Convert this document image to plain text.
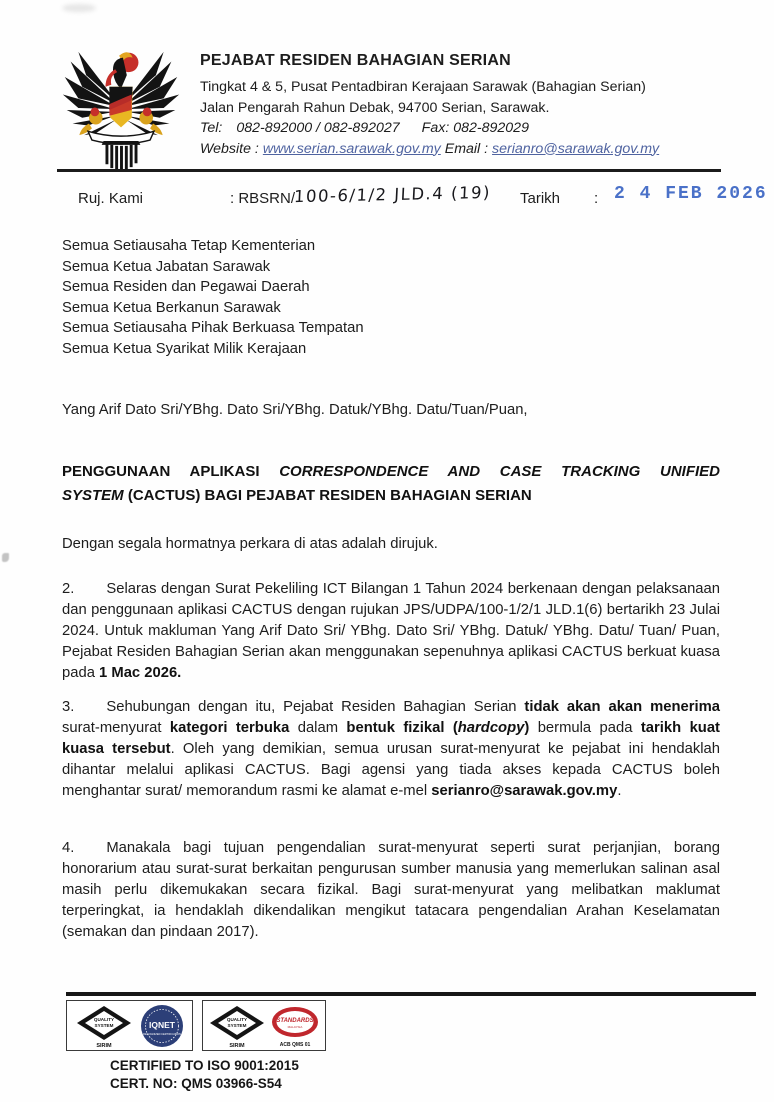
PEJABAT RESIDEN BAHAGIAN SERIAN
Tingkat 4 & 5, Pusat Pentadbiran Kerajaan Sarawak (Bahagian Serian)
Jalan Pengarah Rahun Debak, 94700 Serian, Sarawak.
Tel: 082-892000 / 082-892027 Fax: 082-892029
Website : www.serian.sarawak.gov.my Email : serianro@sarawak.gov.my
Ruj. Kami	: RBSRN/
100-6/1/2 JLD.4 (19) Tarikh : 2 4 FEB 2026
Semua Setiausaha Tetap Kementerian
Semua Ketua Jabatan Sarawak
Semua Residen dan Pegawai Daerah
Semua Ketua Berkanun Sarawak
Semua Setiausaha Pihak Berkuasa Tempatan
Semua Ketua Syarikat Milik Kerajaan
Yang Arif Dato Sri/YBhg. Dato Sri/YBhg. Datuk/YBhg. Datu/Tuan/Puan,
PENGGUNAAN APLIKASI CORRESPONDENCE AND CASE TRACKING UNIFIED
SYSTEM (CACTUS) BAGI PEJABAT RESIDEN BAHAGIAN SERIAN
Dengan segala hormatnya perkara di atas adalah dirujuk.
2. Selaras dengan Surat Pekeliling ICT Bilangan 1 Tahun 2024 berkenaan dengan pelaksanaan dan penggunaan aplikasi CACTUS dengan rujukan JPS/UDPA/100-1/2/1 JLD.1(6) bertarikh 23 Julai 2024. Untuk makluman Yang Arif Dato Sri/ YBhg. Dato Sri/ YBhg. Datuk/ YBhg. Datu/ Tuan/ Puan, Pejabat Residen Bahagian Serian akan menggunakan sepenuhnya aplikasi CACTUS berkuat kuasa pada 1 Mac 2026.
3. Sehubungan dengan itu, Pejabat Residen Bahagian Serian tidak akan akan menerima surat-menyurat kategori terbuka dalam bentuk fizikal (hardcopy) bermula pada tarikh kuat kuasa tersebut. Oleh yang demikian, semua urusan surat-menyurat ke pejabat ini hendaklah dihantar melalui aplikasi CACTUS. Bagi agensi yang tiada akses kepada CACTUS boleh menghantar surat/ memorandum rasmi ke alamat e-mel serianro@sarawak.gov.my.
4. Manakala bagi tujuan pengendalian surat-menyurat seperti surat perjanjian, borang honorarium atau surat-surat berkaitan pengurusan sumber manusia yang memerlukan salinan asal masih perlu dikemukakan secara fizikal. Bagi surat-menyurat yang melibatkan maklumat terperingkat, ia hendaklah dikendalikan mengikut tatacara pengendalian Arahan Keselamatan (semakan dan pindaan 2017).
QUALITY
SYSTEM
SIRIM
IQNET
RECOGNIZED CERTIFICATION
QUALITY
SYSTEM
SIRIM
STANDARDS
MALAYSIA
ACB QMS 01
CERTIFIED TO ISO 9001:2015
CERT. NO: QMS 03966-S54
